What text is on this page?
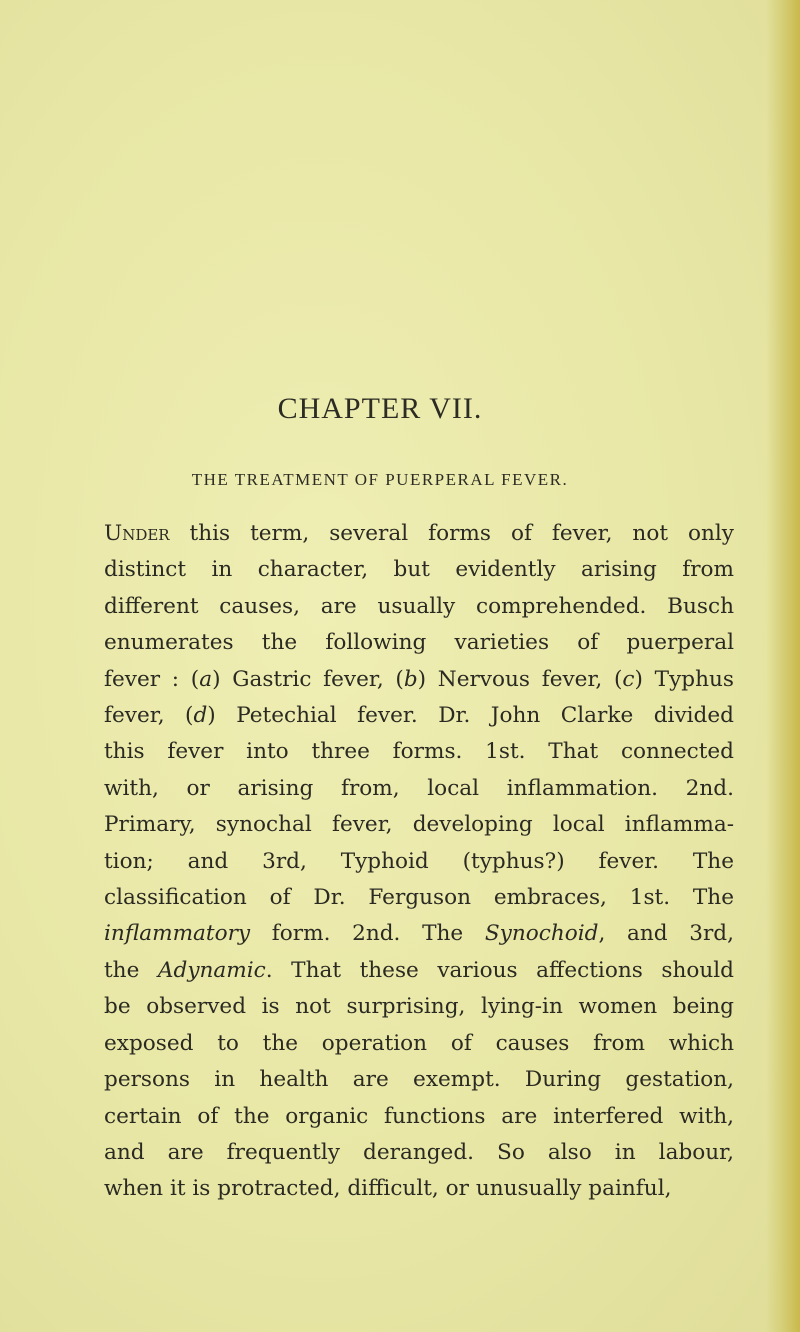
CHAPTER VII.
THE TREATMENT OF PUERPERAL FEVER.
Under this term, several forms of fever, not only
distinct in character, but evidently arising from
different causes, are usually comprehended. Busch
enumerates the following varieties of puerperal
fever : (a) Gastric fever, (b) Nervous fever, (c) Typhus
fever, (d) Petechial fever. Dr. John Clarke divided
this fever into three forms. 1st. That connected
with, or arising from, local inflammation. 2nd.
Primary, synochal fever, developing local inflamma-
tion; and 3rd, Typhoid (typhus?) fever. The
classification of Dr. Ferguson embraces, 1st. The
inflammatory form. 2nd. The Synochoid, and 3rd,
the Adynamic. That these various affections should
be observed is not surprising, lying-in women being
exposed to the operation of causes from which
persons in health are exempt. During gestation,
certain of the organic functions are interfered with,
and are frequently deranged. So also in labour,
when it is protracted, difficult, or unusually painful,
